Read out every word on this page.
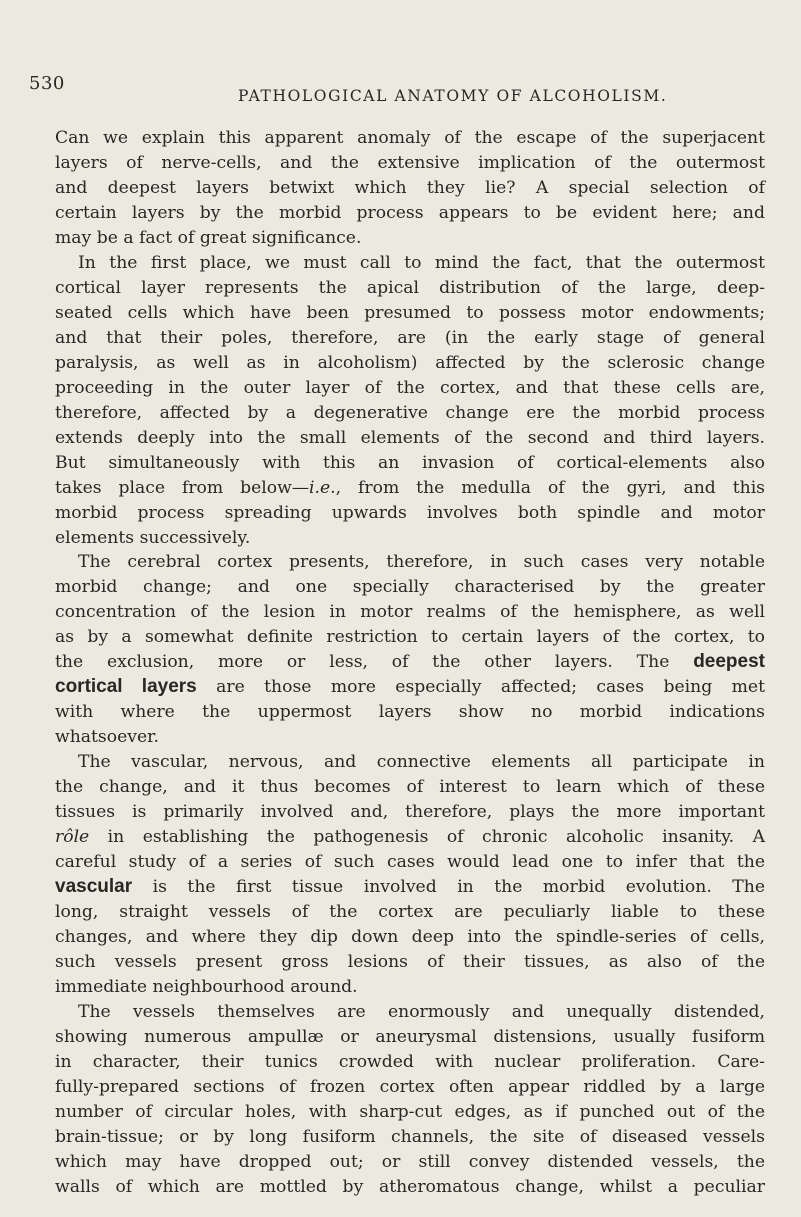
530
PATHOLOGICAL ANATOMY OF ALCOHOLISM.
Can we explain this apparent anomaly of the escape of the superjacent
layers of nerve-cells, and the extensive implication of the outermost
and deepest layers betwixt which they lie? A special selection of
certain layers by the morbid process appears to be evident here; and
may be a fact of great significance.
In the first place, we must call to mind the fact, that the outermost
cortical layer represents the apical distribution of the large, deep-
seated cells which have been presumed to possess motor endowments;
and that their poles, therefore, are (in the early stage of general
paralysis, as well as in alcoholism) affected by the sclerosic change
proceeding in the outer layer of the cortex, and that these cells are,
therefore, affected by a degenerative change ere the morbid process
extends deeply into the small elements of the second and third layers.
But simultaneously with this an invasion of cortical-elements also
takes place from below—i.e., from the medulla of the gyri, and this
morbid process spreading upwards involves both spindle and motor
elements successively.
The cerebral cortex presents, therefore, in such cases very notable
morbid change; and one specially characterised by the greater
concentration of the lesion in motor realms of the hemisphere, as well
as by a somewhat definite restriction to certain layers of the cortex, to
the exclusion, more or less, of the other layers. The deepest
cortical layers are those more especially affected; cases being met
with where the uppermost layers show no morbid indications
whatsoever.
The vascular, nervous, and connective elements all participate in
the change, and it thus becomes of interest to learn which of these
tissues is primarily involved and, therefore, plays the more important
rôle in establishing the pathogenesis of chronic alcoholic insanity. A
careful study of a series of such cases would lead one to infer that the
vascular is the first tissue involved in the morbid evolution. The
long, straight vessels of the cortex are peculiarly liable to these
changes, and where they dip down deep into the spindle-series of cells,
such vessels present gross lesions of their tissues, as also of the
immediate neighbourhood around.
The vessels themselves are enormously and unequally distended,
showing numerous ampullæ or aneurysmal distensions, usually fusiform
in character, their tunics crowded with nuclear proliferation. Care-
fully-prepared sections of frozen cortex often appear riddled by a large
number of circular holes, with sharp-cut edges, as if punched out of the
brain-tissue; or by long fusiform channels, the site of diseased vessels
which may have dropped out; or still convey distended vessels, the
walls of which are mottled by atheromatous change, whilst a peculiar
